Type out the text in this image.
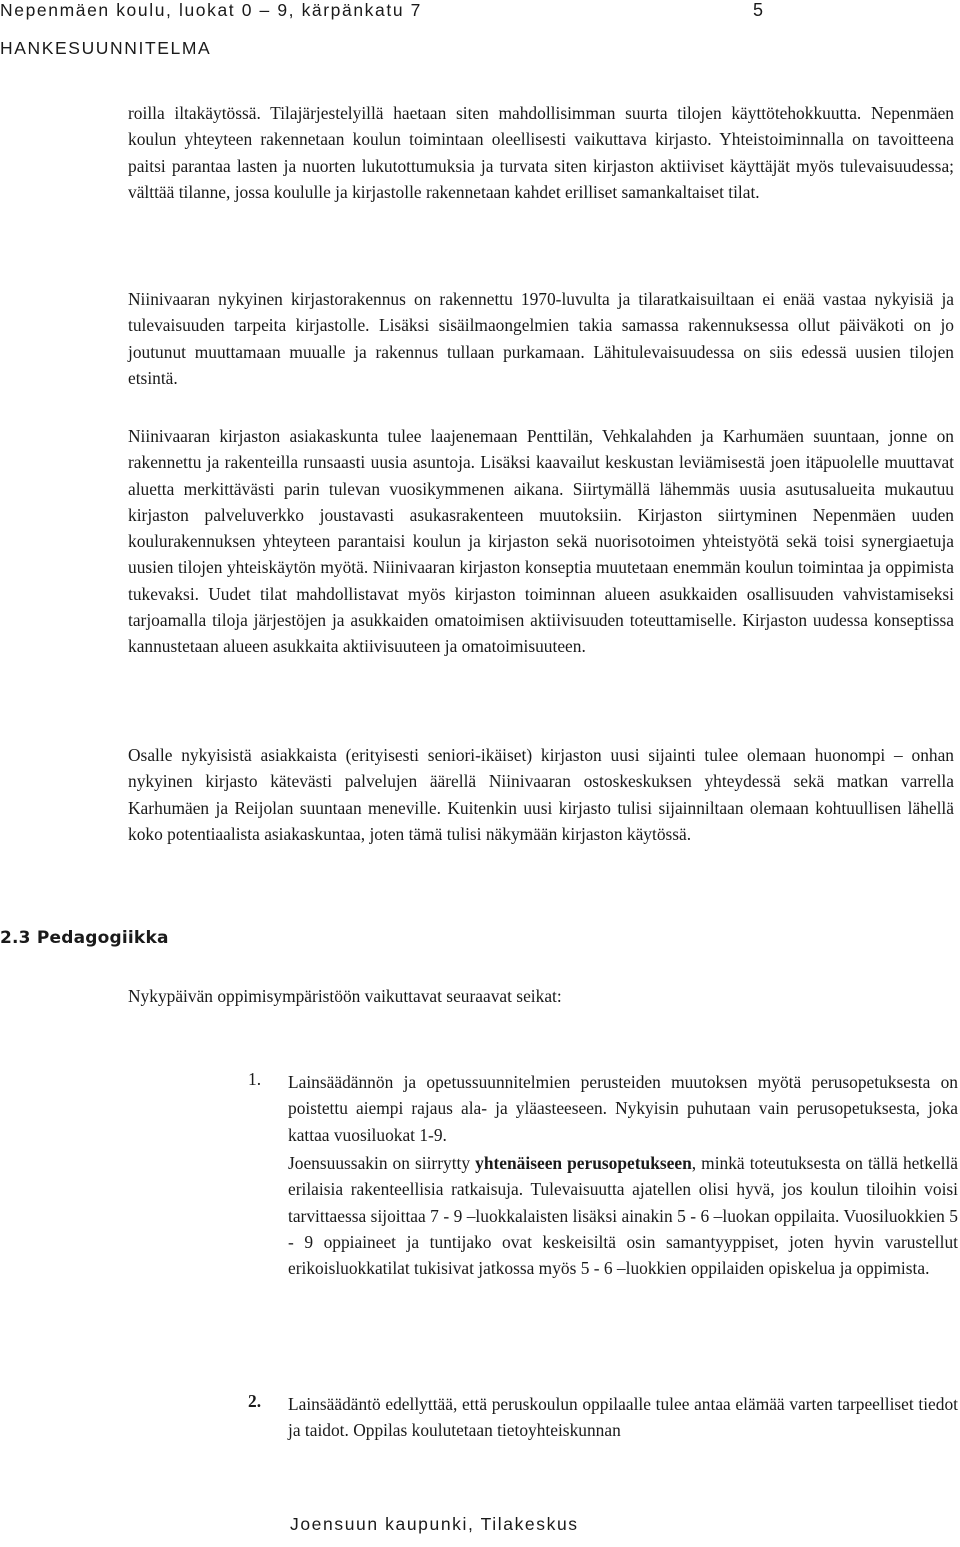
Nepenmäen koulu, luokat 0 – 9, kärpänkatu 7	5
HANKESUUNNITELMA

roilla iltakäytössä. Tilajärjestelyillä haetaan siten mahdollisimman suurta tilojen käyttötehokkuutta. Nepenmäen koulun yhteyteen rakennetaan koulun toimintaan oleellisesti vaikuttava kirjasto. Yhteistoiminnalla on tavoitteena paitsi parantaa lasten ja nuorten lukutottumuksia ja turvata siten kirjaston aktiiviset käyttäjät myös tulevaisuudessa; välttää tilanne, jossa koululle ja kirjastolle rakennetaan kahdet erilliset samankaltaiset tilat.

Niinivaaran nykyinen kirjastorakennus on rakennettu 1970-luvulta ja tilaratkaisuiltaan ei enää vastaa nykyisiä ja tulevaisuuden tarpeita kirjastolle. Lisäksi sisäilmaongelmien takia samassa rakennuksessa ollut päiväkoti on jo joutunut muuttamaan muualle ja rakennus tullaan purkamaan. Lähitulevaisuudessa on siis edessä uusien tilojen etsintä.

Niinivaaran kirjaston asiakaskunta tulee laajenemaan Penttilän, Vehkalahden ja Karhumäen suuntaan, jonne on rakennettu ja rakenteilla runsaasti uusia asuntoja. Lisäksi kaavailut keskustan leviämisestä joen itäpuolelle muuttavat aluetta merkittävästi parin tulevan vuosikymmenen aikana. Siirtymällä lähemmäs uusia asutusalueita mukautuu kirjaston palveluverkko joustavasti asukasrakenteen muutoksiin. Kirjaston siirtyminen Nepenmäen uuden koulurakennuksen yhteyteen parantaisi koulun ja kirjaston sekä nuorisotoimen yhteistyötä sekä toisi synergiaetuja uusien tilojen yhteiskäytön myötä. Niinivaaran kirjaston konseptia muutetaan enemmän koulun toimintaa ja oppimista tukevaksi. Uudet tilat mahdollistavat myös kirjaston toiminnan alueen asukkaiden osallisuuden vahvistamiseksi tarjoamalla tiloja järjestöjen ja asukkaiden omatoimisen aktiivisuuden toteuttamiselle. Kirjaston uudessa konseptissa kannustetaan alueen asukkaita aktiivisuuteen ja omatoimisuuteen.

Osalle nykyisistä asiakkaista (erityisesti seniori-ikäiset) kirjaston uusi sijainti tulee olemaan huonompi – onhan nykyinen kirjasto kätevästi palvelujen äärellä Niinivaaran ostoskeskuksen yhteydessä sekä matkan varrella Karhumäen ja Reijolan suuntaan meneville. Kuitenkin uusi kirjasto tulisi sijainniltaan olemaan kohtuullisen lähellä koko potentiaalista asiakaskuntaa, joten tämä tulisi näkymään kirjaston käytössä.

2.3 Pedagogiikka
Nykypäivän oppimisympäristöön vaikuttavat seuraavat seikat:
1. Lainsäädännön ja opetussuunnitelmien perusteiden muutoksen myötä perusopetuksesta on poistettu aiempi rajaus ala- ja yläasteeseen. Nykyisin puhutaan vain perusopetuksesta, joka kattaa vuosiluokat 1-9.

Joensuussakin on siirrytty yhtenäiseen perusopetukseen, minkä toteutuksesta on tällä hetkellä erilaisia rakenteellisia ratkaisuja. Tulevaisuutta ajatellen olisi hyvä, jos koulun tiloihin voisi tarvittaessa sijoittaa 7 - 9 –luokkalaisten lisäksi ainakin 5 - 6 –luokan oppilaita. Vuosiluokkien 5 - 9 oppiaineet ja tuntijako ovat keskeisiltä osin samantyyppiset, joten hyvin varustellut erikoisluokkatilat tukisivat jatkossa myös 5 - 6 –luokkien oppilaiden opiskelua ja oppimista.

2. Lainsäädäntö edellyttää, että peruskoulun oppilaalle tulee antaa elämää varten tarpeelliset tiedot ja taidot. Oppilas koulutetaan tietoyhteiskunnan

Joensuun kaupunki, Tilakeskus
